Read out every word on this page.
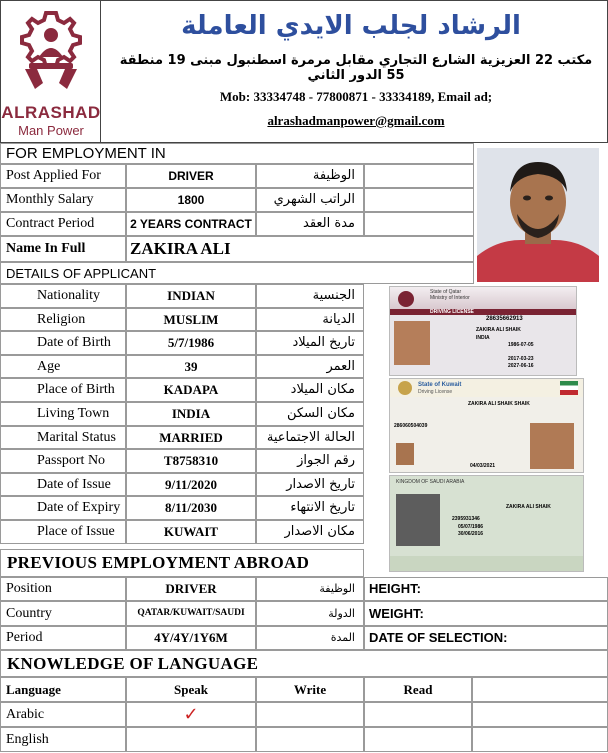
ALRASHAD
Man Power
الرشاد لجلب الايدي العاملة
مكتب 22 العزيزية الشارع التجاري مقابل مرمرة اسطنبول مبنى 19 منطقة 55 الدور الثاني
Mob: 33334748 - 77800871 - 33334189, Email ad;
alrashadmanpower@gmail.com
FOR EMPLOYMENT IN
Post Applied For	DRIVER	الوظيفة
Monthly Salary	1800	الراتب الشهري
Contract Period	2 YEARS CONTRACT	مدة العقد
Name In Full	ZAKIRA ALI
DETAILS OF APPLICANT
Nationality	INDIAN	الجنسية
Religion	MUSLIM	الديانة
Date of Birth	5/7/1986	تاريخ الميلاد
Age	39	العمر
Place of Birth	KADAPA	مكان الميلاد
Living Town	INDIA	مكان السكن
Marital Status	MARRIED	الحالة الاجتماعية
Passport No	T8758310	رقم الجواز
Date of Issue	9/11/2020	تاريخ الاصدار
Date of Expiry	8/11/2030	تاريخ الانتهاء
Place of Issue	KUWAIT	مكان الاصدار
State of Qatar
Ministry of Interior
DRIVING LICENSE
28635662913
ZAKIRA ALI SHAIK
INDIA
1986-07-05
2017-03-23
2027-06-16
State of Kuwait
Driving License
ZAKIRA ALI SHAIK SHAIK
286060504039
04/03/2021
KINGDOM OF SAUDI ARABIA
2395931346
ZAKIRA ALI SHAIK
05/07/1986
30/06/2016
PREVIOUS EMPLOYMENT ABROAD
Position	DRIVER	الوظيفة	HEIGHT:
Country	QATAR/KUWAIT/SAUDI	الدولة	WEIGHT:
Period	4Y/4Y/1Y6M	المدة	DATE OF SELECTION:
KNOWLEDGE OF LANGUAGE
Language	Speak	Write	Read
Arabic	✓
English
